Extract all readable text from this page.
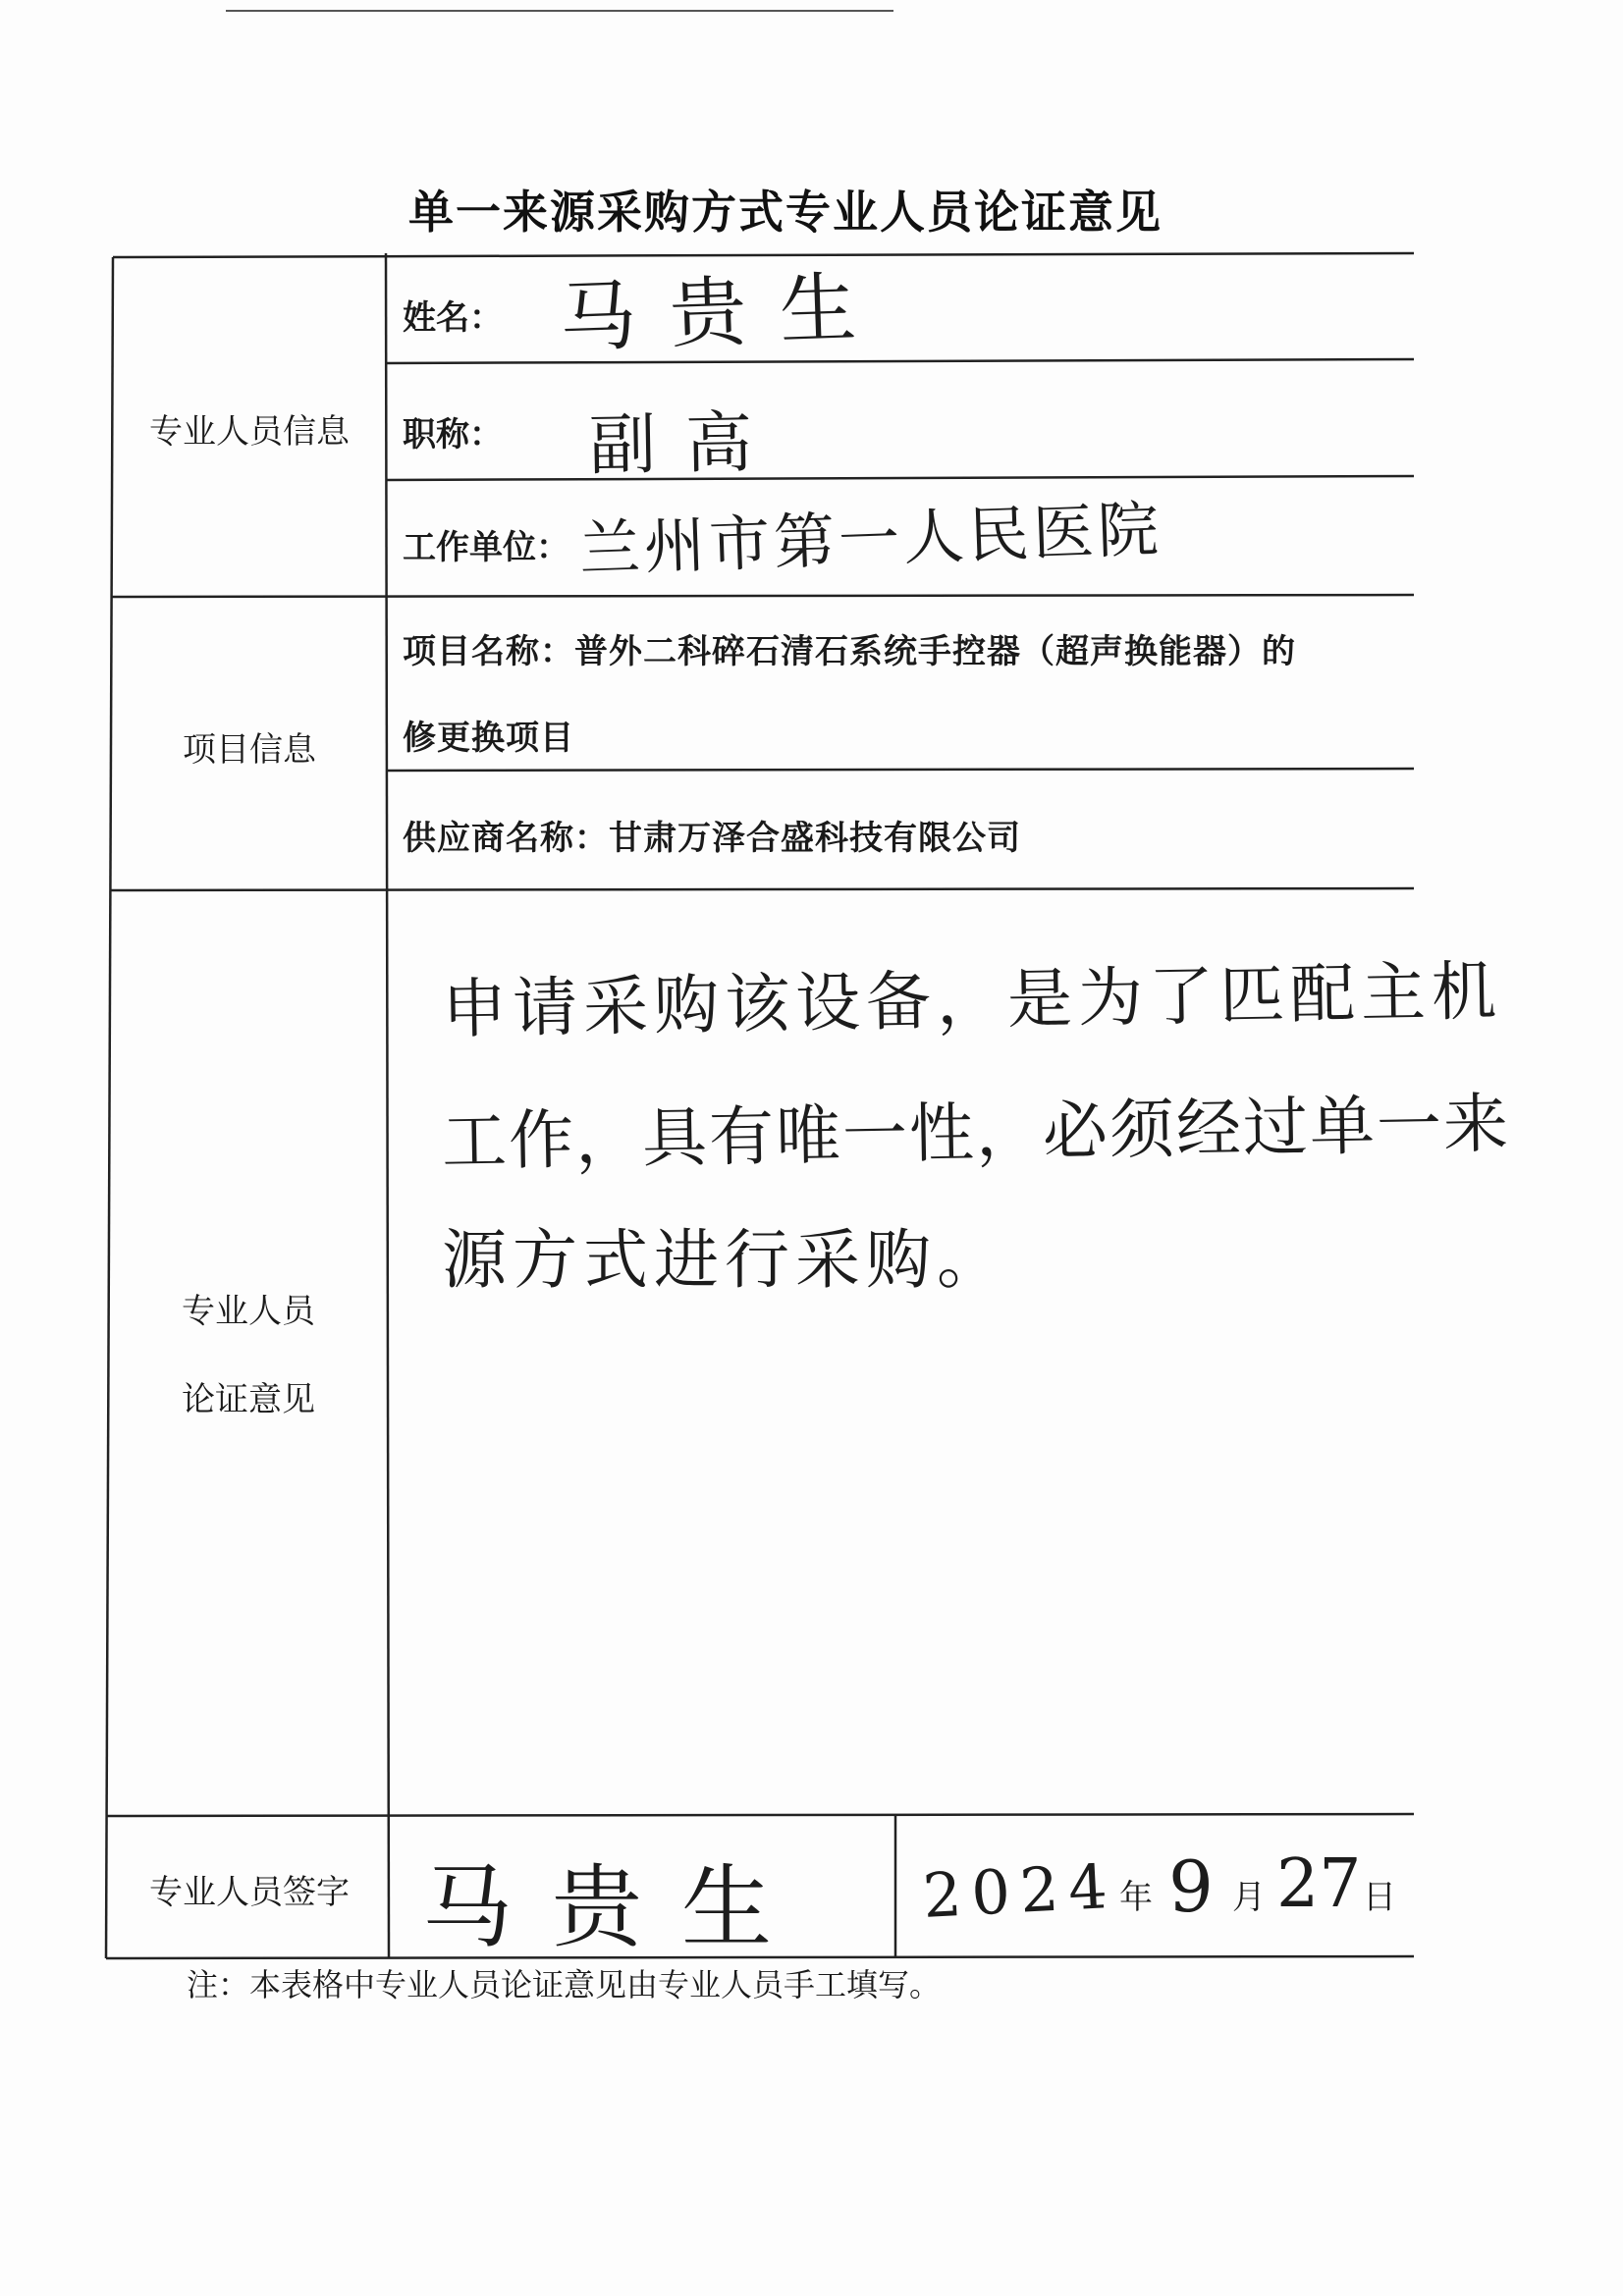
单一来源采购方式专业人员论证意见
专业人员信息
姓名： 马贵生
职称： 副高
工作单位： 兰州市第一人民医院
项目信息
项目名称：普外二科碎石清石系统手控器（超声换能器）的
修更换项目
供应商名称：甘肃万泽合盛科技有限公司
专业人员
论证意见
申请采购该设备，是为了匹配主机
工作，具有唯一性，必须经过单一来
源方式进行采购。
专业人员签字 马贵生 2024 年 9 月 27 日
注：本表格中专业人员论证意见由专业人员手工填写。
